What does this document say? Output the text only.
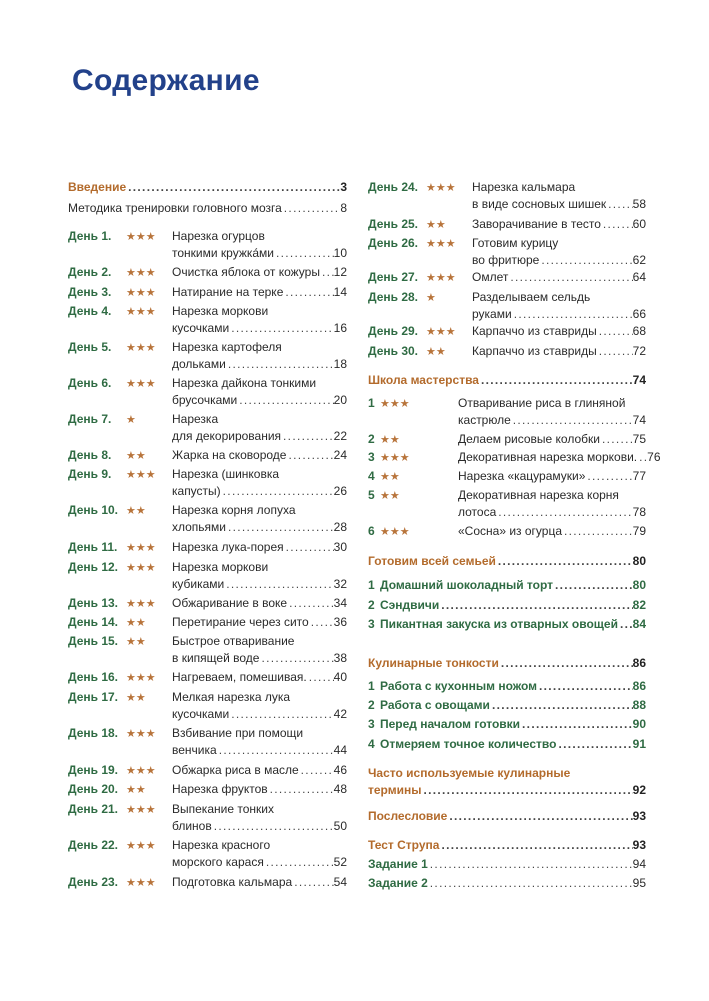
Содержание
Введение .....	3
Методика тренировки головного мозга .....	8
День 1. ★★★ Нарезка огурцов
тонкими кружка́ми .....	10
День 2. ★★★ Очистка яблока от кожуры ..... 12
День 3. ★★★ Натирание на терке .....	14
День 4. ★★★ Нарезка моркови
кусочками .....	16
День 5. ★★★ Нарезка картофеля
дольками .....	18
День 6. ★★★ Нарезка дайкона тонкими
брусочками .....	20
День 7. ★	Нарезка
для декорирования .....	22
День 8. ★★ Жарка на сковороде .....	24
День 9. ★★★ Нарезка (шинковка
капусты) .....	26
День 10. ★★ Нарезка корня лопуха
хлопьями .....	28
День 11. ★★★ Нарезка лука-порея .....	30
День 12. ★★★ Нарезка моркови
кубиками .....	32
День 13. ★★★ Обжаривание в воке .....	34
День 14. ★★ Перетирание через сито ..... 36
День 15. ★★ Быстрое отваривание
в кипящей воде .....	38
День 16. ★★★ Нагреваем, помешивая. ..... 40
День 17. ★★ Мелкая нарезка лука
кусочками .....	42
День 18. ★★★ Взбивание при помощи
венчика .....	44
День 19. ★★★ Обжарка риса в масле .....	46
День 20. ★★ Нарезка фруктов .....	48
День 21. ★★★ Выпекание тонких
блинов .....	50
День 22. ★★★ Нарезка красного
морского карася .....	52
День 23. ★★★ Подготовка кальмара .....	54
День 24. ★★★ Нарезка кальмара
в виде сосновых шишек ..... 58
День 25. ★★ Заворачивание в тесто .....	60
День 26. ★★★ Готовим курицу
во фритюре .....	62
День 27. ★★★ Омлет .....	64
День 28. ★	Разделываем сельдь
руками .....	66
День 29. ★★★ Карпаччо из ставриды .....	68
День 30. ★★ Карпаччо из ставриды .....	72
Школа мастерства .....	74
1 ★★★	Отваривание риса в глиняной
кастрюле .....	74
2 ★★	Делаем рисовые колобки .....	75
3 ★★★	Декоративная нарезка моркови. ..... 76
4 ★★	Нарезка «кацурамуки» .....	77
5 ★★	Декоративная нарезка корня
лотоса .....	78
6 ★★★	«Сосна» из огурца .....	79
Готовим всей семьей .....	80
1 Домашний шоколадный торт .....	80
2 Сэндвичи .....	82
3 Пикантная закуска из отварных овощей ..... 84
Кулинарные тонкости .....	86
1 Работа с кухонным ножом .....	86
2 Работа с овощами .....	88
3 Перед началом готовки .....	90
4 Отмеряем точное количество .....	91
Часто используемые кулинарные
термины .....	92
Послесловие .....	93
Тест Струпа .....	93
Задание 1 .....	94
Задание 2 .....	95
